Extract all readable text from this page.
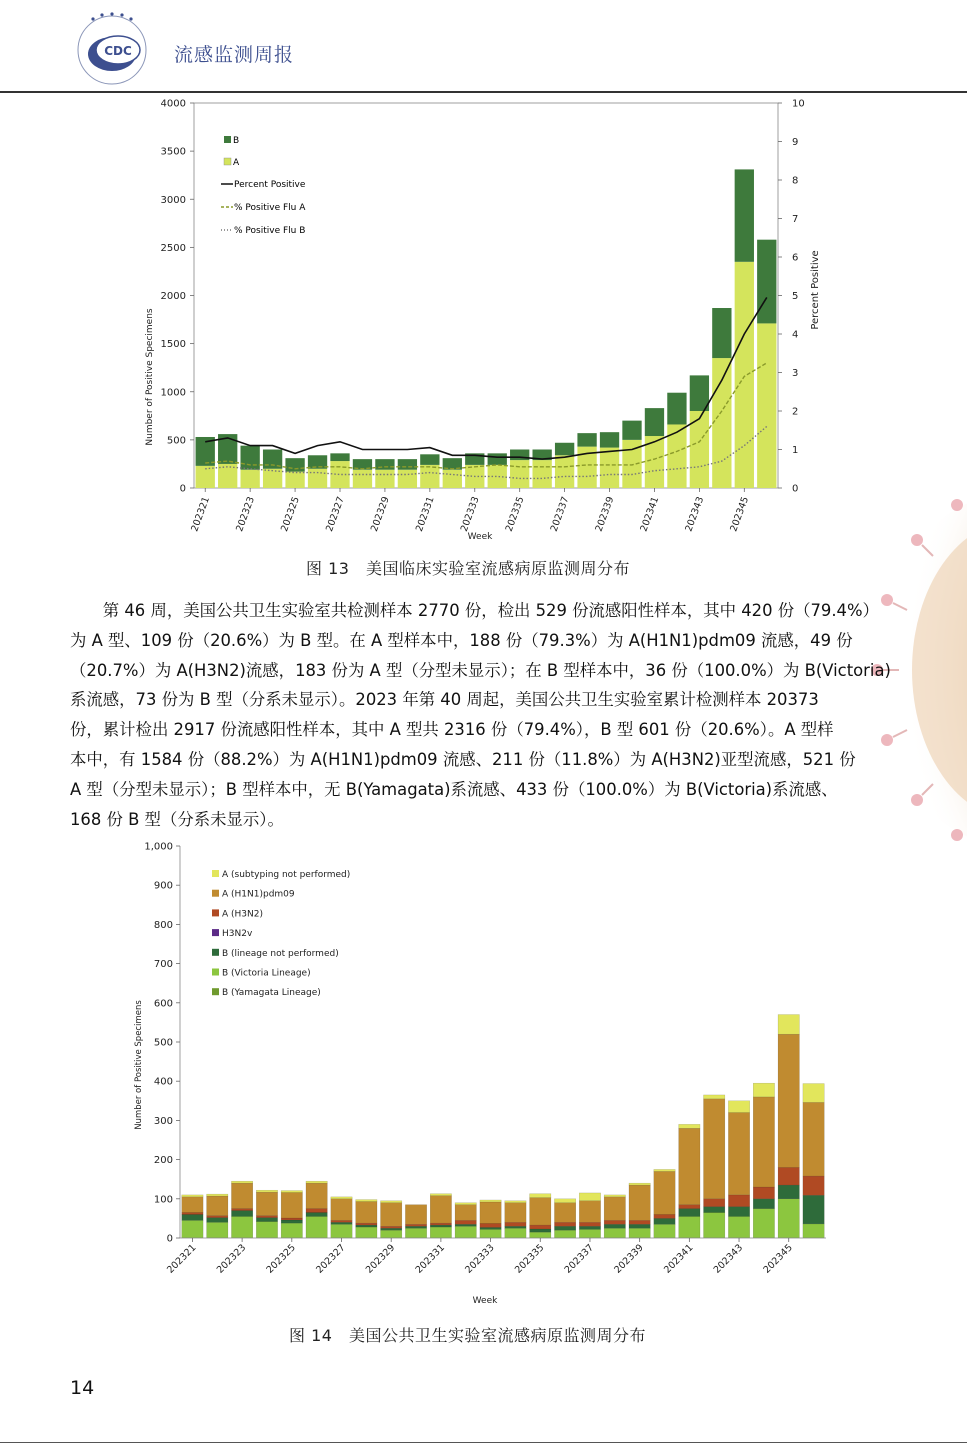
CDC 流感监测周报
0
500
1000
1500
2000
2500
3000
3500
4000
0
1
2
3
4
5
6
7
8
9
10
202321 202323 202325 202327 202329 202331 202333 202335 202337 202339 202341 202343 202345
Number of Positive Specimens
Percent Positive
Week
B
A
Percent Positive
% Positive Flu A
% Positive Flu B
图 13　美国临床实验室流感病原监测周分布
　　第 46 周，美国公共卫生实验室共检测样本 2770 份，检出 529 份流感阳性样本，其中 420 份（79.4%）
为 A 型、109 份（20.6%）为 B 型。在 A 型样本中，188 份（79.3%）为 A(H1N1)pdm09 流感，49 份
（20.7%）为 A(H3N2)流感，183 份为 A 型（分型未显示）；在 B 型样本中，36 份（100.0%）为 B(Victoria)
系流感，73 份为 B 型（分系未显示）。2023 年第 40 周起，美国公共卫生实验室累计检测样本 20373
份，累计检出 2917 份流感阳性样本，其中 A 型共 2316 份（79.4%），B 型 601 份（20.6%）。A 型样
本中，有 1584 份（88.2%）为 A(H1N1)pdm09 流感、211 份（11.8%）为 A(H3N2)亚型流感，521 份
A 型（分型未显示）；B 型样本中，无 B(Yamagata)系流感、433 份（100.0%）为 B(Victoria)系流感、
168 份 B 型（分系未显示）。
0
100
200
300
400
500
600
700
800
900
1,000
202321 202323 202325 202327 202329 202331 202333 202335 202337 202339 202341 202343 202345
Number of Positive Specimens
Week
A (subtyping not performed)
A (H1N1)pdm09
A (H3N2)
H3N2v
B (lineage not performed)
B (Victoria Lineage)
B (Yamagata Lineage)
图 14　美国公共卫生实验室流感病原监测周分布
14
